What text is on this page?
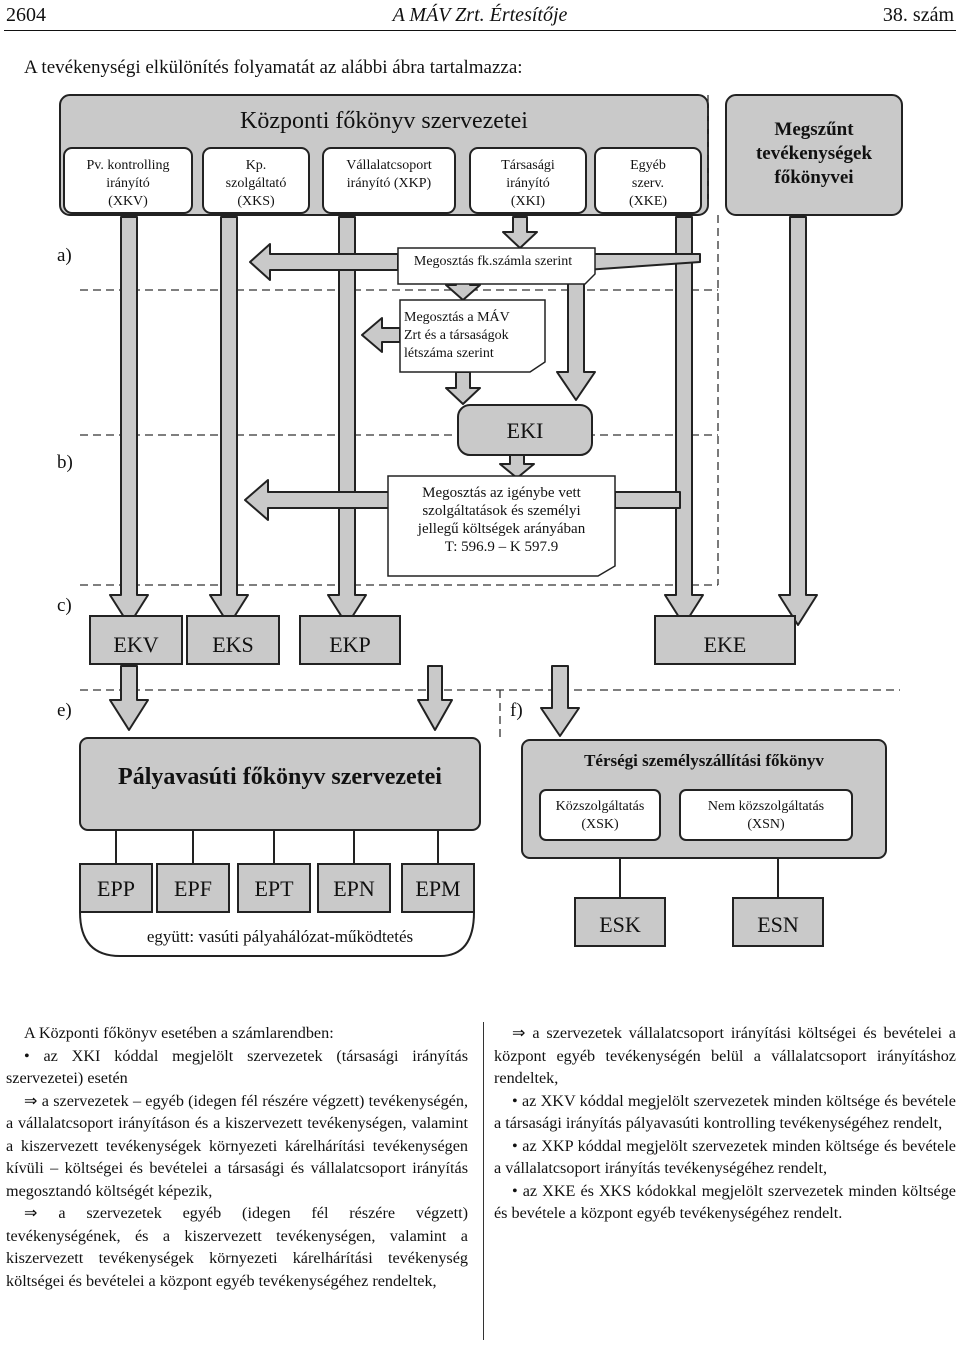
2604	A MÁV Zrt. Értesítője	38. szám
A tevékenységi elkülönítés folyamatát az alábbi ábra tartalmazza:
Központi főkönyv szervezetei
Pv. kontrolling
irányító
(XKV)
Kp.
szolgáltató
(XKS)
Vállalatcsoport
irányító (XKP)
Társasági
irányító
(XKI)
Egyéb
szerv.
(XKE)
Megszűnt
tevékenységek
főkönyvei
a)
b)
c)
e)	f)
Megosztás fk.számla szerint
Megosztás a MÁV
Zrt és a társaságok
létszáma szerint
EKI
Megosztás az igénybe vett
szolgáltatások és személyi
jellegű költségek arányában
T: 596.9 – K 597.9
EKV	EKS	EKP	EKE
Pályavasúti főkönyv szervezetei
EPP	EPF	EPT	EPN	EPM
együtt: vasúti pályahálózat-működtetés
Térségi személyszállítási főkönyv
Közszolgáltatás
(XSK)
Nem közszolgáltatás
(XSN)
ESK	ESN

A Központi főkönyv esetében a számlarendben:

• az XKI kóddal megjelölt szervezetek (társasági irányítás szervezetei) esetén

⇒ a szervezetek – egyéb (idegen fél részére végzett) tevékenységén, a vállalatcsoport irányításon és a kiszervezett tevékenységen, valamint a kiszervezett tevékenységek környezeti kárelhárítási tevékenységen kívüli – költségei és bevételei a társasági és vállalatcsoport irányítás megosztandó költségét képezik,

⇒ a szervezetek egyéb (idegen fél részére végzett) tevékenységének, és a kiszervezett tevékenységen, valamint a kiszervezett tevékenységek környezeti kárelhárítási tevékenység költségei és bevételei a központ egyéb tevékenységéhez rendeltek,

⇒ a szervezetek vállalatcsoport irányítási költségei és bevételei a központ egyéb tevékenységén belül a vállalatcsoport irányításhoz rendeltek,

• az XKV kóddal megjelölt szervezetek minden költsége és bevétele a társasági irányítás pályavasúti kontrolling tevékenységéhez rendelt,

• az XKP kóddal megjelölt szervezetek minden költsége és bevétele a vállalatcsoport irányítás tevékenységéhez rendelt,

• az XKE és XKS kódokkal megjelölt szervezetek minden költsége és bevétele a központ egyéb tevékenységéhez rendelt.
